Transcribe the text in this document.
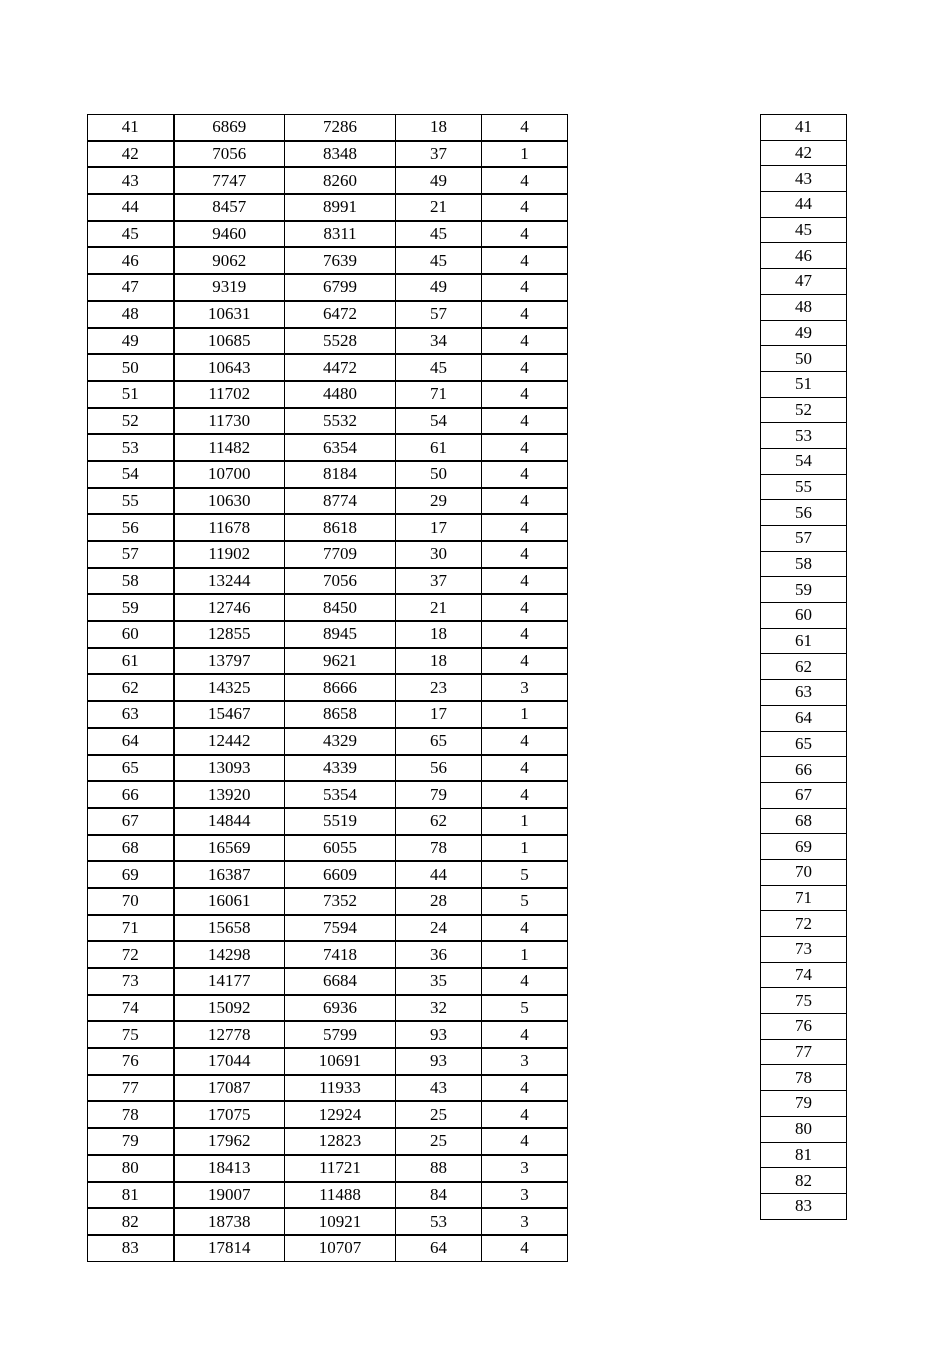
41	6869	7286	18	4
42	7056	8348	37	1
43	7747	8260	49	4
44	8457	8991	21	4
45	9460	8311	45	4
46	9062	7639	45	4
47	9319	6799	49	4
48	10631	6472	57	4
49	10685	5528	34	4
50	10643	4472	45	4
51	11702	4480	71	4
52	11730	5532	54	4
53	11482	6354	61	4
54	10700	8184	50	4
55	10630	8774	29	4
56	11678	8618	17	4
57	11902	7709	30	4
58	13244	7056	37	4
59	12746	8450	21	4
60	12855	8945	18	4
61	13797	9621	18	4
62	14325	8666	23	3
63	15467	8658	17	1
64	12442	4329	65	4
65	13093	4339	56	4
66	13920	5354	79	4
67	14844	5519	62	1
68	16569	6055	78	1
69	16387	6609	44	5
70	16061	7352	28	5
71	15658	7594	24	4
72	14298	7418	36	1
73	14177	6684	35	4
74	15092	6936	32	5
75	12778	5799	93	4
76	17044	10691	93	3
77	17087	11933	43	4
78	17075	12924	25	4
79	17962	12823	25	4
80	18413	11721	88	3
81	19007	11488	84	3
82	18738	10921	53	3
83	17814	10707	64	4
41
42
43
44
45
46
47
48
49
50
51
52
53
54
55
56
57
58
59
60
61
62
63
64
65
66
67
68
69
70
71
72
73
74
75
76
77
78
79
80
81
82
83
